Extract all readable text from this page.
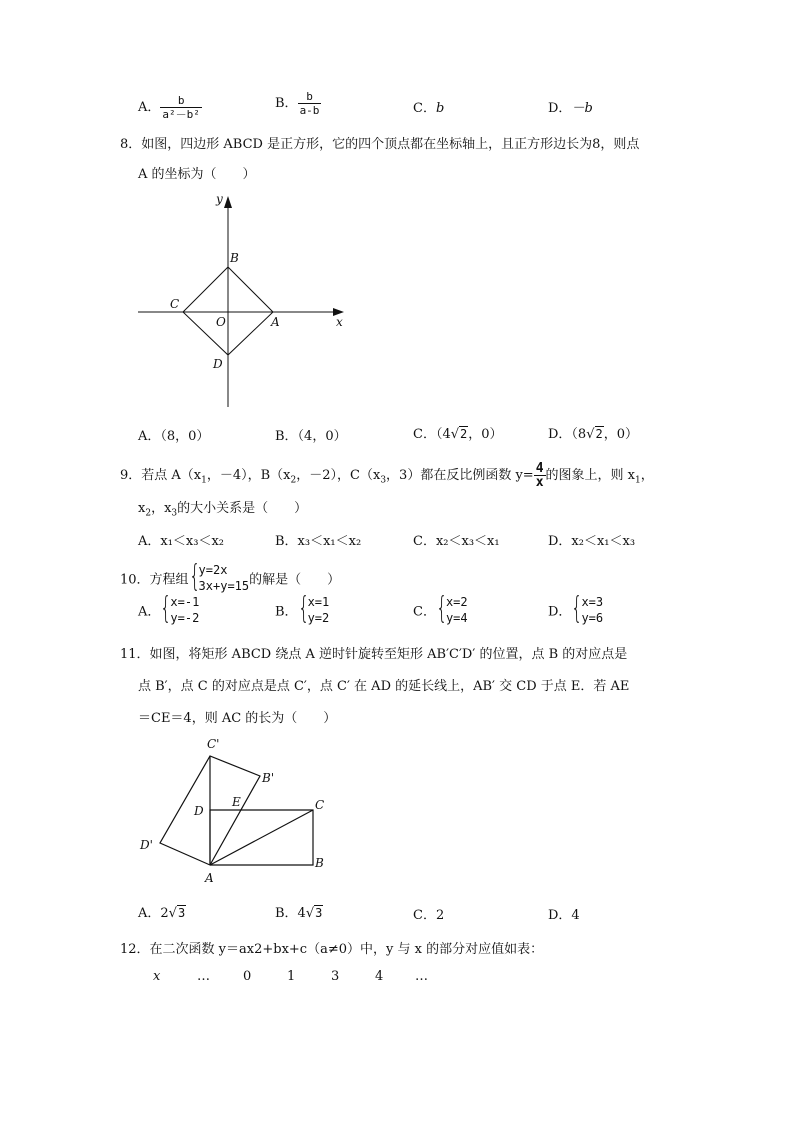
A． $\frac{b}{\text{a²－b²}}$	B． $\frac{b}{a-b}$	C．b	D．－b
8．如图，四边形 ABCD 是正方形，它的四个顶点都在坐标轴上，且正方形边长为8，则点
A 的坐标为（　　）
y
x
B
C
O	A
D
A．（8，0）	B．（4，0）	C．（4√2，0）	D．（8√2，0）
9．若点 $A(x_1$，－4），$B(x_2$，－2），$C(x_3$，3）都在反比例函数 $y= \frac{4}{x}$ 的图象上，则 $x_1$，
$x_2$，$x_3$的大小关系是（　　）
A．x₁＜x₃＜x₂	B．x₃＜x₁＜x₂	C．x₂＜x₃＜x₁	D．x₂＜x₁＜x₃
10．方程组 {
y=2x
3x+y=15 的解是（　　）
A． {
x=-1
y=-2	B． {
x=1
y=2	C． {
x=2
y=4	D． {
x=3
y=6
11．如图，将矩形 ABCD 绕点 A 逆时针旋转至矩形 AB′C′D′ 的位置，点 B 的对应点是
点 B′，点 C 的对应点是点 C′，点 C′ 在 AD 的延长线上，AB′ 交 CD 于点 E．若 AE
＝CE＝4，则 AC 的长为（　　）
C'
B'
D
E	C
D'
B
A
A．2√3	B．4√3	C．2	D．4
12．在二次函数 y＝ax2+bx+c（a≠0）中，y 与 x 的部分对应值如表：
x	…	0	1	3	4 …
